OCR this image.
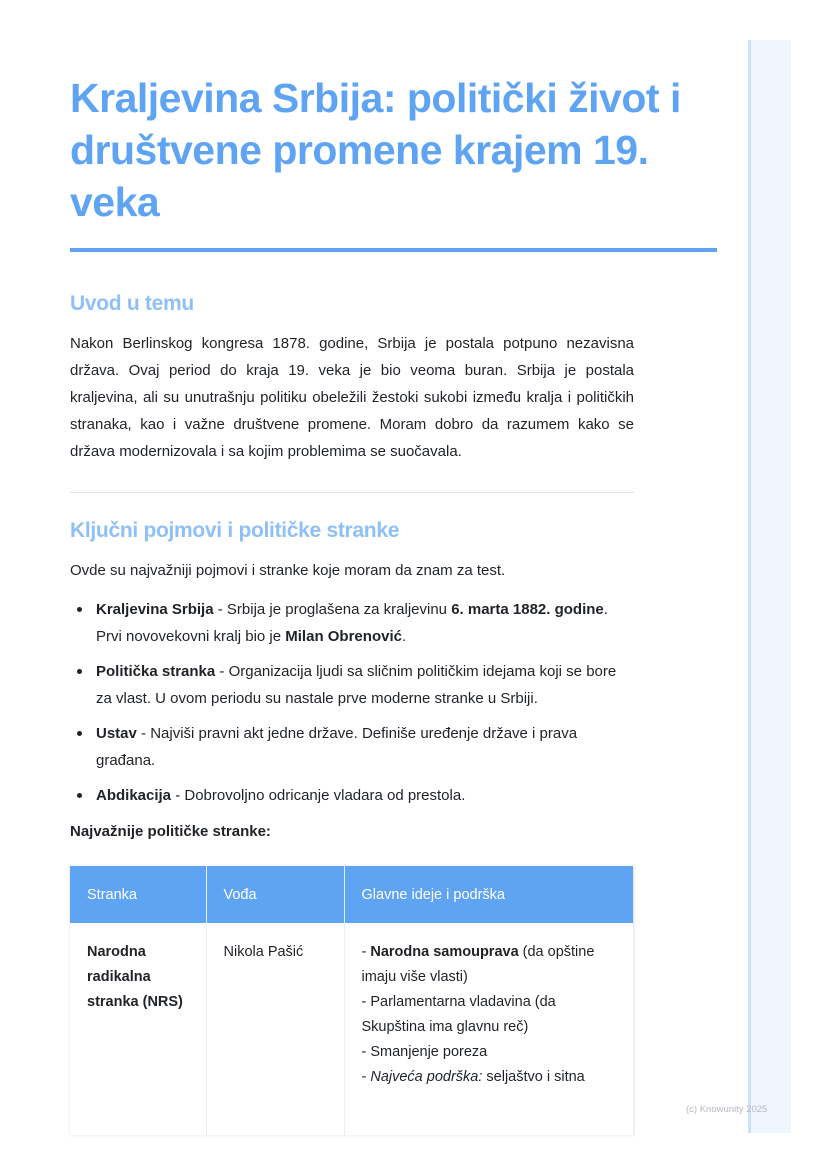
Kraljevina Srbija: politički život i društvene promene krajem 19. veka
Uvod u temu

Nakon Berlinskog kongresa 1878. godine, Srbija je postala potpuno nezavisna država. Ovaj period do kraja 19. veka je bio veoma buran. Srbija je postala kraljevina, ali su unutrašnju politiku obeležili žestoki sukobi između kralja i političkih stranaka, kao i važne društvene promene. Moram dobro da razumem kako se država modernizovala i sa kojim problemima se suočavala.

Ključni pojmovi i političke stranke

Ovde su najvažniji pojmovi i stranke koje moram da znam za test.

Kraljevina Srbija - Srbija je proglašena za kraljevinu 6. marta 1882. godine. Prvi novovekovni kralj bio je Milan Obrenović.
Politička stranka - Organizacija ljudi sa sličnim političkim idejama koji se bore za vlast. U ovom periodu su nastale prve moderne stranke u Srbiji.
Ustav - Najviši pravni akt jedne države. Definiše uređenje države i prava građana.
Abdikacija - Dobrovoljno odricanje vladara od prestola.
Najvažnije političke stranke:
Stranka	Vođa	Glavne ideje i podrška
Narodna radikalna stranka (NRS)	Nikola Pašić	- Narodna samouprava (da opštine imaju više vlasti)
- Parlamentarna vladavina (da Skupština ima glavnu reč)
- Smanjenje poreza
- Najveća podrška: seljaštvo i sitna
(c) Knowunity 2025
